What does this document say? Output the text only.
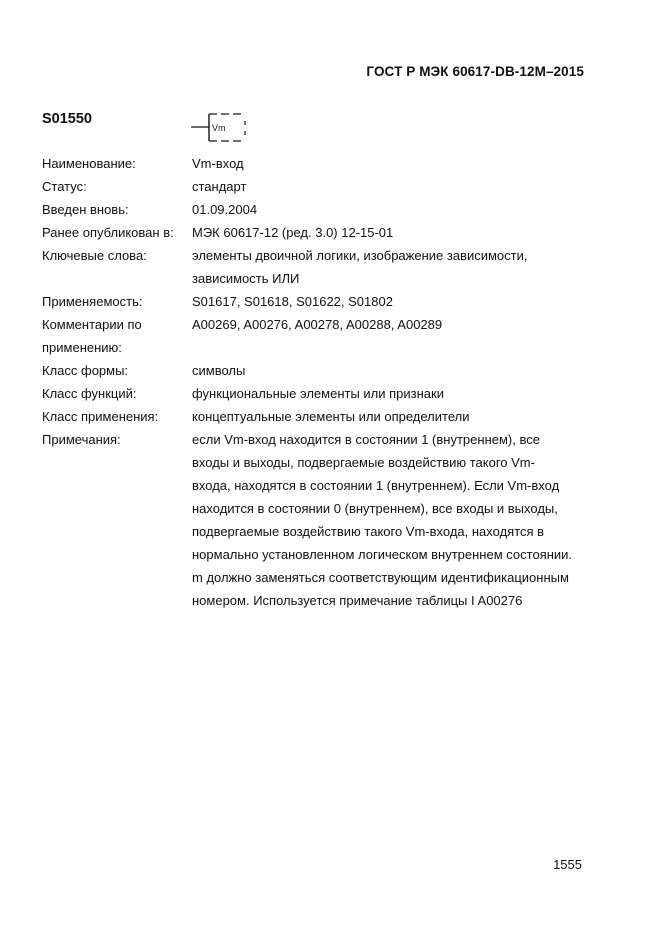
ГОСТ Р МЭК 60617-DB-12M–2015
S01550
Vm
Наименование:	Vm-вход
Статус:	стандарт
Введен вновь:	01.09.2004
Ранее опубликован в:	МЭК 60617-12 (ред. 3.0) 12-15-01
Ключевые слова:	элементы двоичной логики, изображение зависимости,
зависимость ИЛИ
Применяемость:	S01617, S01618, S01622, S01802
Комментарии по
применению:
A00269, A00276, A00278, A00288, A00289
Класс формы:	символы
Класс функций:	функциональные элементы или признаки
Класс применения:	концептуальные элементы или определители
Примечания:	если Vm-вход находится в состоянии 1 (внутреннем), все
входы и выходы, подвергаемые воздействию такого Vm-
входа, находятся в состоянии 1 (внутреннем). Если Vm-вход
находится в состоянии 0 (внутреннем), все входы и выходы,
подвергаемые воздействию такого Vm-входа, находятся в
нормально установленном логическом внутреннем состоянии.
m должно заменяться соответствующим идентификационным
номером. Используется примечание таблицы I A00276
1555
